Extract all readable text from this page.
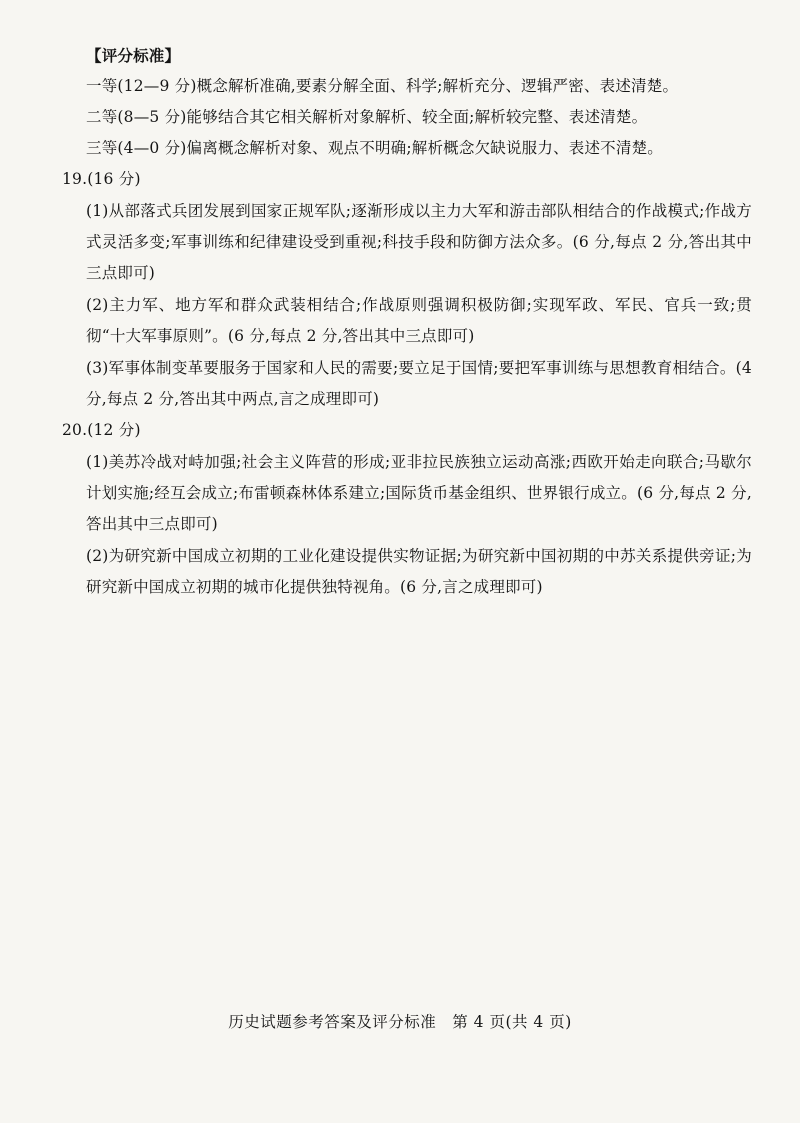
【评分标准】
一等(12—9 分)概念解析准确,要素分解全面、科学;解析充分、逻辑严密、表述清楚。
二等(8—5 分)能够结合其它相关解析对象解析、较全面;解析较完整、表述清楚。
三等(4—0 分)偏离概念解析对象、观点不明确;解析概念欠缺说服力、表述不清楚。
19.(16 分)
(1)从部落式兵团发展到国家正规军队;逐渐形成以主力大军和游击部队相结合的作战模式;作战方式灵活多变;军事训练和纪律建设受到重视;科技手段和防御方法众多。(6 分,每点 2 分,答出其中三点即可)
(2)主力军、地方军和群众武装相结合;作战原则强调积极防御;实现军政、军民、官兵一致;贯彻“十大军事原则”。(6 分,每点 2 分,答出其中三点即可)
(3)军事体制变革要服务于国家和人民的需要;要立足于国情;要把军事训练与思想教育相结合。(4 分,每点 2 分,答出其中两点,言之成理即可)
20.(12 分)
(1)美苏冷战对峙加强;社会主义阵营的形成;亚非拉民族独立运动高涨;西欧开始走向联合;马歇尔计划实施;经互会成立;布雷顿森林体系建立;国际货币基金组织、世界银行成立。(6 分,每点 2 分,答出其中三点即可)
(2)为研究新中国成立初期的工业化建设提供实物证据;为研究新中国初期的中苏关系提供旁证;为研究新中国成立初期的城市化提供独特视角。(6 分,言之成理即可)
历史试题参考答案及评分标准　第 4 页(共 4 页)
